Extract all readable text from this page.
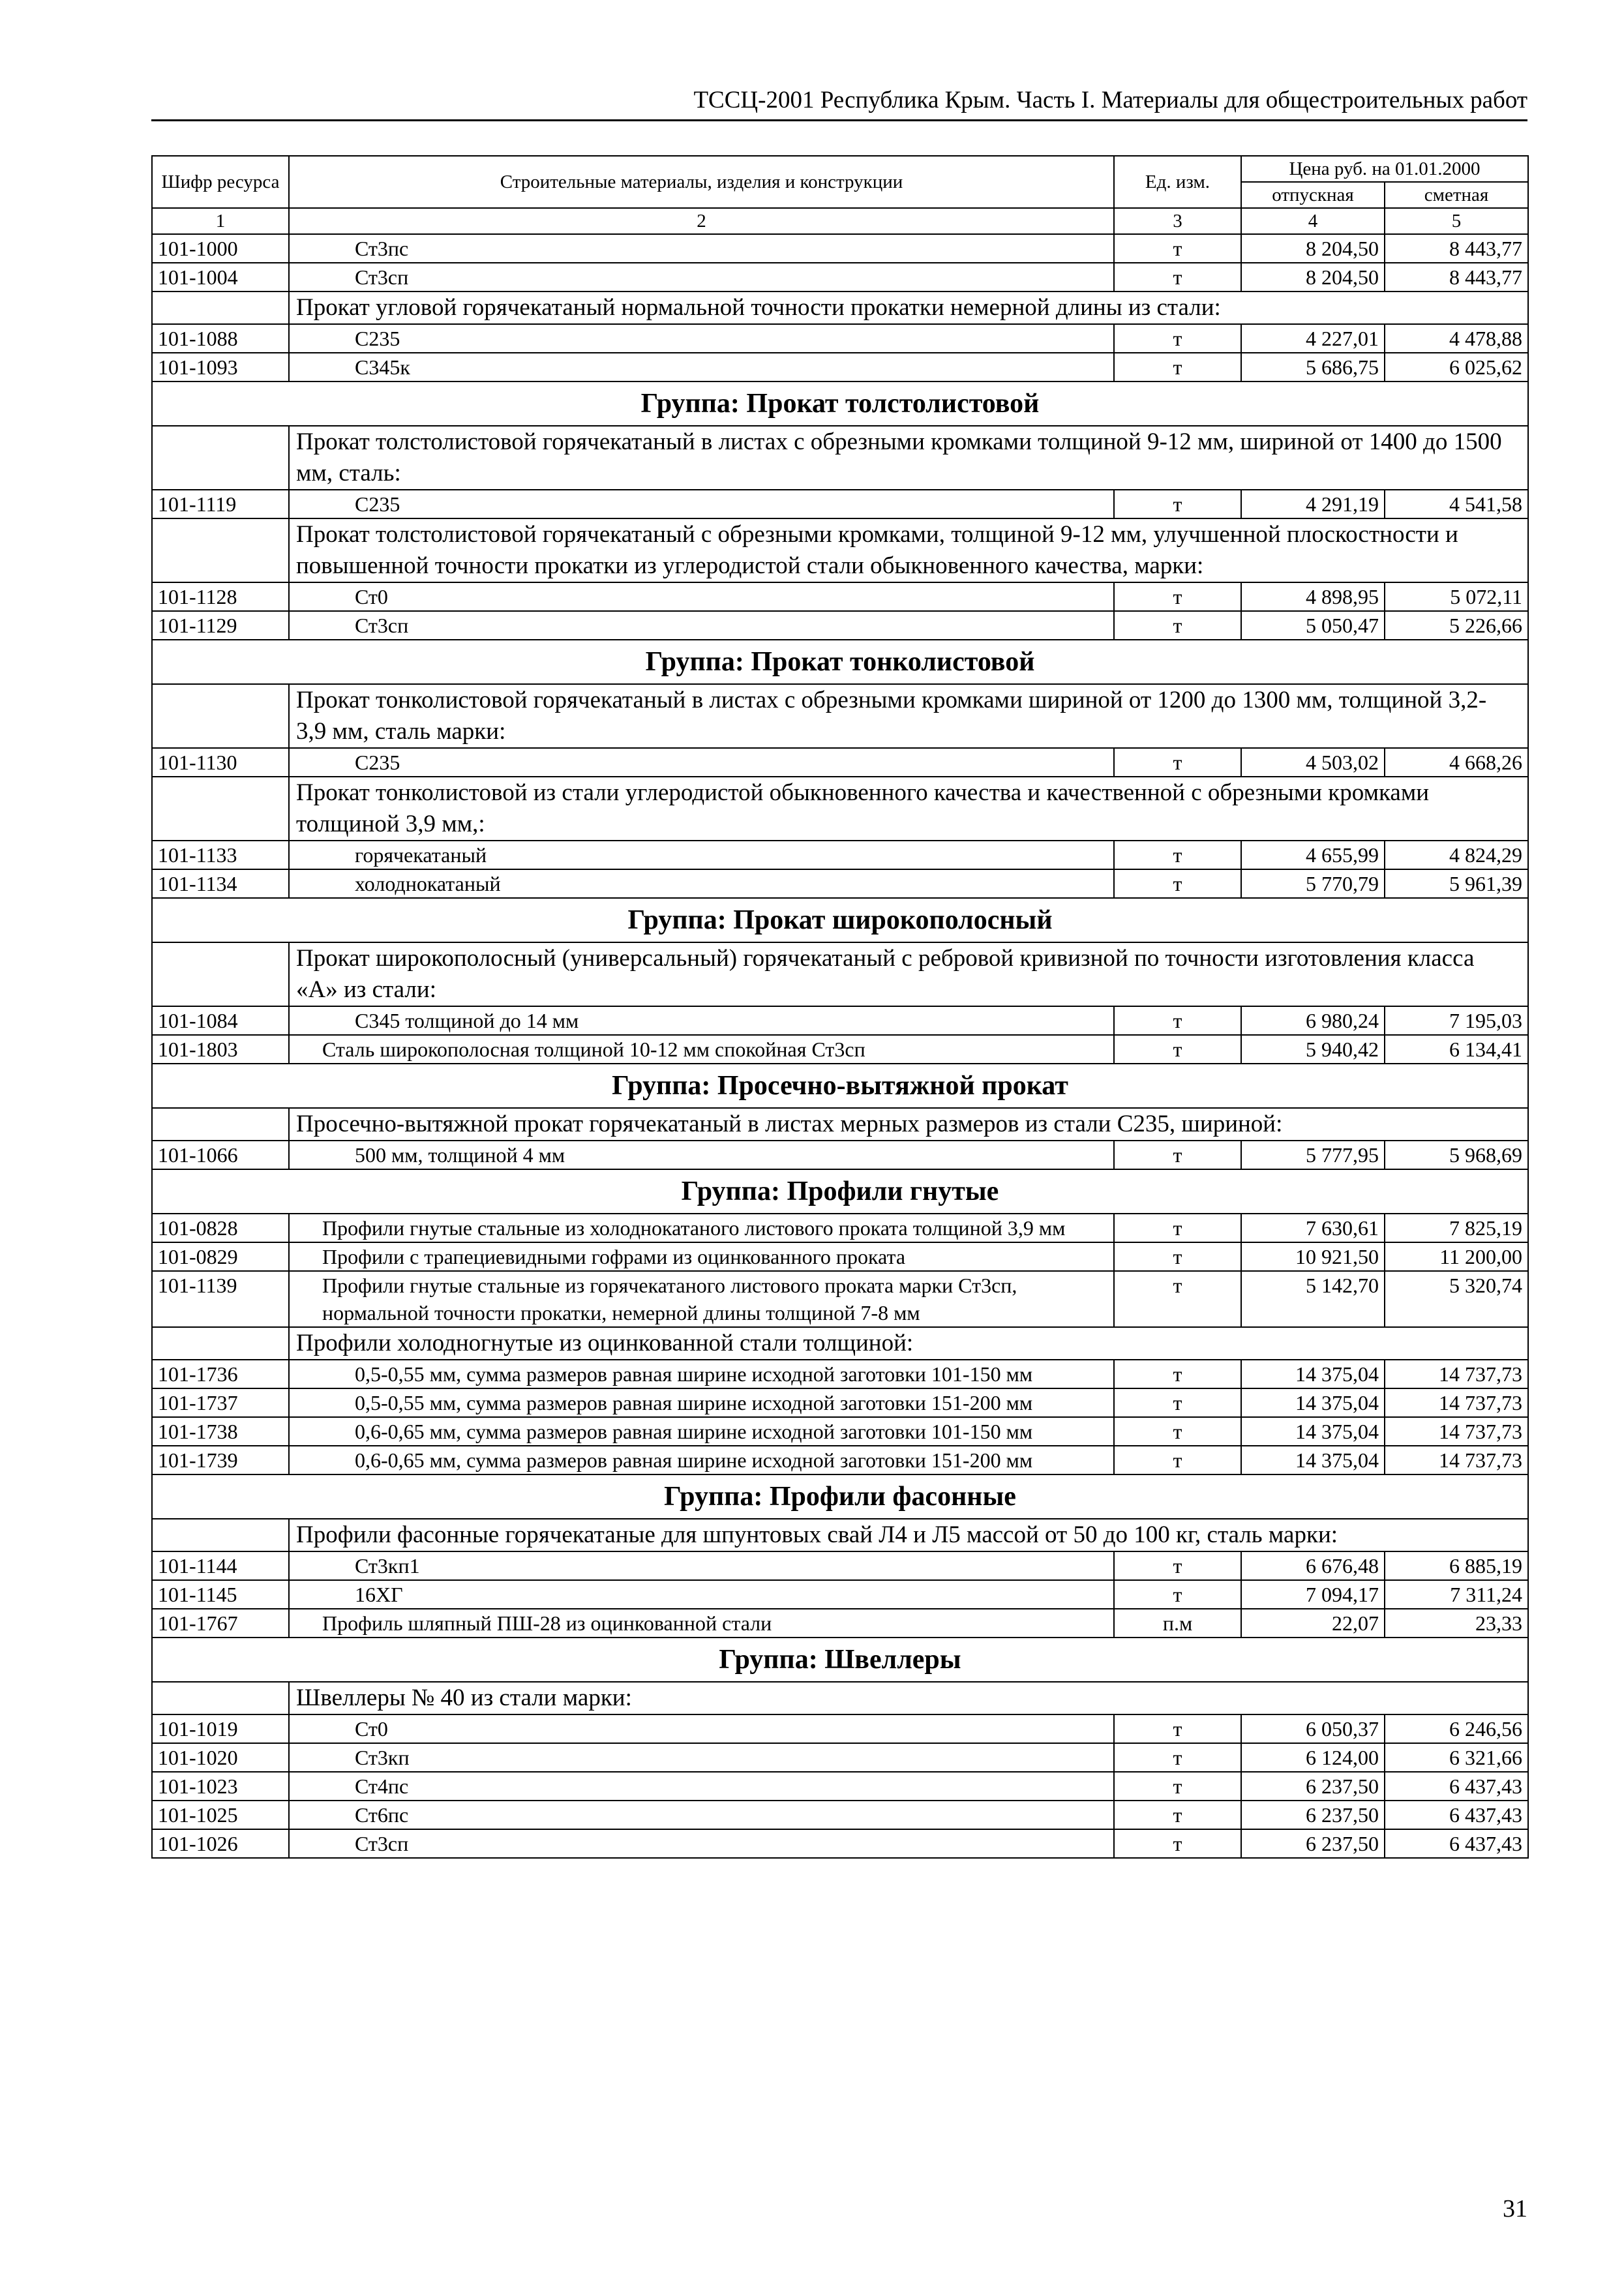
ТССЦ-2001 Республика Крым. Часть I. Материалы для общестроительных работ
Шифр ресурса	Строительные материалы, изделия и конструкции	Ед. изм.	Цена руб. на 01.01.2000	
			отпускная	сметная
1	2	3	4	5
101-1000	Ст3пс	т	8 204,50	8 443,77
101-1004	Ст3сп	т	8 204,50	8 443,77
	Прокат угловой горячекатаный нормальной точности прокатки немерной длины из стали:			
101-1088	С235	т	4 227,01	4 478,88
101-1093	С345к	т	5 686,75	6 025,62
Группа: Прокат толстолистовой				
	Прокат толстолистовой горячекатаный в листах с обрезными кромками толщиной 9-12 мм, шириной от 1400 до 1500 мм, сталь:			
101-1119	С235	т	4 291,19	4 541,58
	Прокат толстолистовой горячекатаный с обрезными кромками, толщиной 9-12 мм, улучшенной плоскостности и повышенной точности прокатки из углеродистой стали обыкновенного качества, марки:			
101-1128	Ст0	т	4 898,95	5 072,11
101-1129	Ст3сп	т	5 050,47	5 226,66
Группа: Прокат тонколистовой				
	Прокат тонколистовой горячекатаный в листах с обрезными кромками шириной от 1200 до 1300 мм, толщиной 3,2-3,9 мм, сталь марки:			
101-1130	С235	т	4 503,02	4 668,26
	Прокат тонколистовой из стали углеродистой обыкновенного качества и качественной с обрезными кромками толщиной 3,9 мм,:			
101-1133	горячекатаный	т	4 655,99	4 824,29
101-1134	холоднокатаный	т	5 770,79	5 961,39
Группа: Прокат широкополосный				
	Прокат широкополосный (универсальный) горячекатаный с ребровой кривизной по точности изготовления класса «А» из стали:			
101-1084	С345 толщиной до 14 мм	т	6 980,24	7 195,03
101-1803	Сталь широкополосная толщиной 10-12 мм спокойная Ст3сп	т	5 940,42	6 134,41
Группа: Просечно-вытяжной прокат				
	Просечно-вытяжной прокат горячекатаный в листах мерных размеров из стали С235, шириной:			
101-1066	500 мм, толщиной 4 мм	т	5 777,95	5 968,69
Группа: Профили гнутые				
101-0828	Профили гнутые стальные из холоднокатаного листового проката толщиной 3,9 мм	т	7 630,61	7 825,19
101-0829	Профили с трапециевидными гофрами из оцинкованного проката	т	10 921,50	11 200,00
101-1139	Профили гнутые стальные из горячекатаного листового проката марки Ст3сп, нормальной точности прокатки, немерной длины толщиной 7-8 мм	т	5 142,70	5 320,74
	Профили холодногнутые из оцинкованной стали толщиной:			
101-1736	0,5-0,55 мм, сумма размеров равная ширине исходной заготовки 101-150 мм	т	14 375,04	14 737,73
101-1737	0,5-0,55 мм, сумма размеров равная ширине исходной заготовки 151-200 мм	т	14 375,04	14 737,73
101-1738	0,6-0,65 мм, сумма размеров равная ширине исходной заготовки 101-150 мм	т	14 375,04	14 737,73
101-1739	0,6-0,65 мм, сумма размеров равная ширине исходной заготовки 151-200 мм	т	14 375,04	14 737,73
Группа: Профили фасонные				
	Профили фасонные горячекатаные для шпунтовых свай Л4 и Л5 массой от 50 до 100 кг, сталь марки:			
101-1144	Ст3кп1	т	6 676,48	6 885,19
101-1145	16ХГ	т	7 094,17	7 311,24
101-1767	Профиль шляпный ПШ-28 из оцинкованной стали	п.м	22,07	23,33
Группа: Швеллеры				
	Швеллеры № 40 из стали марки:			
101-1019	Ст0	т	6 050,37	6 246,56
101-1020	Ст3кп	т	6 124,00	6 321,66
101-1023	Ст4пс	т	6 237,50	6 437,43
101-1025	Ст6пс	т	6 237,50	6 437,43
101-1026	Ст3сп	т	6 237,50	6 437,43
31
